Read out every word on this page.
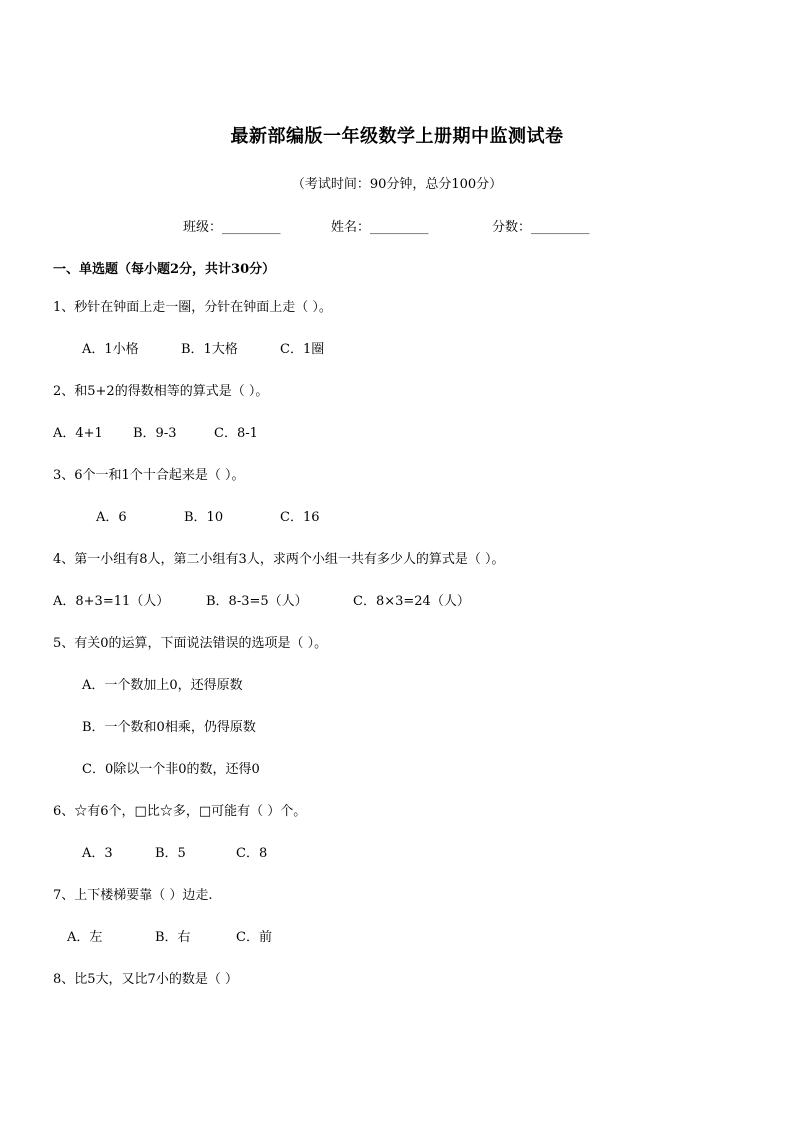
最新部编版一年级数学上册期中监测试卷
（考试时间：90分钟，总分100分）
班级：_________	姓名：_________	分数：_________
一、单选题（每小题2分，共计30分）
1、秒针在钟面上走一圈，分针在钟面上走（ ）。
A．1小格	B．1大格	C．1圈
2、和5+2的得数相等的算式是（ ）。
A．4+1 B．9-3	C．8-1
3、6个一和1个十合起来是（ ）。
A．6	B．10	C．16
4、第一小组有8人，第二小组有3人，求两个小组一共有多少人的算式是（ ）。
A．8+3=11（人）	B．8-3=5（人）	C．8×3=24（人）
5、有关0的运算，下面说法错误的选项是（ ）。
A．一个数加上0，还得原数
B．一个数和0相乘，仍得原数
C．0除以一个非0的数，还得0
6、☆有6个，□比☆多，□可能有（ ）个。
A．3	B．5	C．8
7、上下楼梯要靠（ ）边走.
A．左	B．右	C．前
8、比5大，又比7小的数是（ ）
